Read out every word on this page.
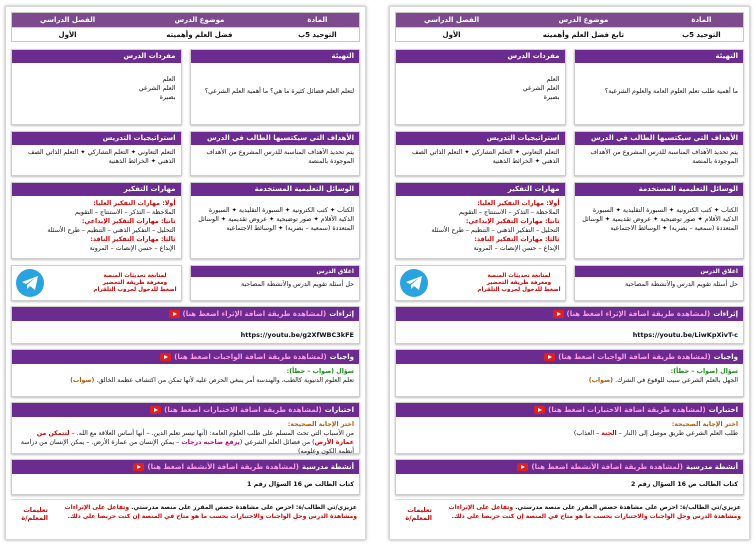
المادة
موضوع الدرس
الفصل الدراسي
التوحيد 5ب
تابع فضل العلم وأهميته
الأول
التهيئة
ما أهمية طلب تعلم العلوم العامة والعلوم الشرعية؟
مفردات الدرس
العلم
العلم الشرعي
بصيرة
الأهداف التي سيكتسبها الطالب في الدرس
يتم تحديد الأهداف المناسبة للدرس المشروع من الأهداف الموجودة بالمنصة
استراتيجيات التدريس
التعلم التعاوني ✦ التعلم التشاركي ✦ التعلم الذاتي الصف الذهني ✦ الخرائط الذهنية
الوسائل التعليمية المستخدمة
الكتاب ✦ كتب الكترونية ✦ السبورة التقليدية ✦ السبورة الذكية الأقلام ✦ صور توضيحية ✦ عروض تقديمية ✦ الوسائل المتعددة (سمعية – بصرية) ✦ الوسائط الاجتماعية
مهارات التفكير
أولا: مهارات التفكير العليا:
الملاحظة – التذكر – الاستنتاج – التقويم
ثانيا: مهارات التفكير الإبداعي:
التحليل – التفكير الذهني – التنظيم – طرح الأسئلة
ثالثا: مهارات التفكير الناقد:
الإبداع – حسن الإنصات – المرونة
اغلاق الدرس
حل أسئلة تقويم الدرس والأنشطة المصاحبة
لمتابعة تحديثات المنصة
ومعرفة طريقة التحضير
اضغط للدخول لجروب التلقرام
إثراءات
(لمشاهدة طريقة اضافة الإثراء اضغط هنا)
https://youtu.be/LiwKpXivT-c
واجبات
(لمشاهدة طريقة اضافة الواجبات اضغط هنا)
سؤال (صواب – خطأ):
الجهل بالعلم الشرعي سبب للوقوع في الشرك. (صواب)
اختبارات
(لمشاهدة طريقة اضافة الاختبارات اضغط هنا)
اختر الإجابة الصحيحة:
طلب العلم الشرعي طريق موصل إلى (النار – الجنة – العذاب)
أنشطة مدرسية
(لمشاهدة طريقة اضافة الأنشطة اضغط هنا)
كتاب الطالب ص 16 السؤال رقم 2
عزيزي/تي الطالب/ة: احرص على مشاهدة حصص المقرر على منصة مدرستي. وتفاعل على الإثراءات ومشاهدة الدرس وحل الواجبات والاختبارات بحسب ما هو متاح في المنصة إن كنت حريصا على ذلك.
تعليمات المعلم/ة
المادة
موضوع الدرس
الفصل الدراسي
التوحيد 5ب
فضل العلم وأهميته
الأول
التهيئة
لتعلم العلم فضائل كثيرة ما هي؟ ما أهمية العلم الشرعي؟
مفردات الدرس
العلم
العلم الشرعي
بصيرة
الأهداف التي سيكتسبها الطالب في الدرس
يتم تحديد الأهداف المناسبة للدرس المشروع من الأهداف الموجودة بالمنصة
استراتيجيات التدريس
التعلم التعاوني ✦ التعلم التشاركي ✦ التعلم الذاتي الصف الذهني ✦ الخرائط الذهنية
الوسائل التعليمية المستخدمة
الكتاب ✦ كتب الكترونية ✦ السبورة التقليدية ✦ السبورة الذكية الأقلام ✦ صور توضيحية ✦ عروض تقديمية ✦ الوسائل المتعددة (سمعية – بصرية) ✦ الوسائط الاجتماعية
مهارات التفكير
أولا: مهارات التفكير العليا:
الملاحظة – التذكر – الاستنتاج – التقويم
ثانيا: مهارات التفكير الإبداعي:
التحليل – التفكير الذهني – التنظيم – طرح الأسئلة
ثالثا: مهارات التفكير الناقد:
الإبداع – حسن الإنصات – المرونة
اغلاق الدرس
حل أسئلة تقويم الدرس والأنشطة المصاحبة
لمتابعة تحديثات المنصة
ومعرفة طريقة التحضير
اضغط للدخول لجروب التلقرام
إثراءات
(لمشاهدة طريقة اضافة الإثراء اضغط هنا)
https://youtu.be/g2XfWBC3kFE
واجبات
(لمشاهدة طريقة اضافة الواجبات اضغط هنا)
سؤال (صواب – خطأ):
تعلم العلوم الدنيوية كالطب، والهندسة أمر ينبغي الحرص عليه لأنها تمكن من اكتشاف عظمة الخالق. (صواب)
اختبارات
(لمشاهدة طريقة اضافة الاختبارات اضغط هنا)
اختر الإجابة الصحيحة:
من الأسباب التي تحث المسلم على طلب العلوم العامة: (أنها تيسر تعلم الدين. – أنها أساس العلاقة مع الله. – لتتمكن من عمارة الأرض) من فضائل العلم الشرعي (يرفع صاحبه درجات – يمكن الإنسان من عمارة الأرض. – يمكن الإنسان من دراسة أنظمة الكون وعلومه)
أنشطة مدرسية
(لمشاهدة طريقة اضافة الأنشطة اضغط هنا)
كتاب الطالب ص 16 السؤال رقم 1
عزيزي/تي الطالب/ة: احرص على مشاهدة حصص المقرر على منصة مدرستي. وتفاعل على الإثراءات ومشاهدة الدرس وحل الواجبات والاختبارات بحسب ما هو متاح في المنصة إن كنت حريصا على ذلك.
تعليمات المعلم/ة
